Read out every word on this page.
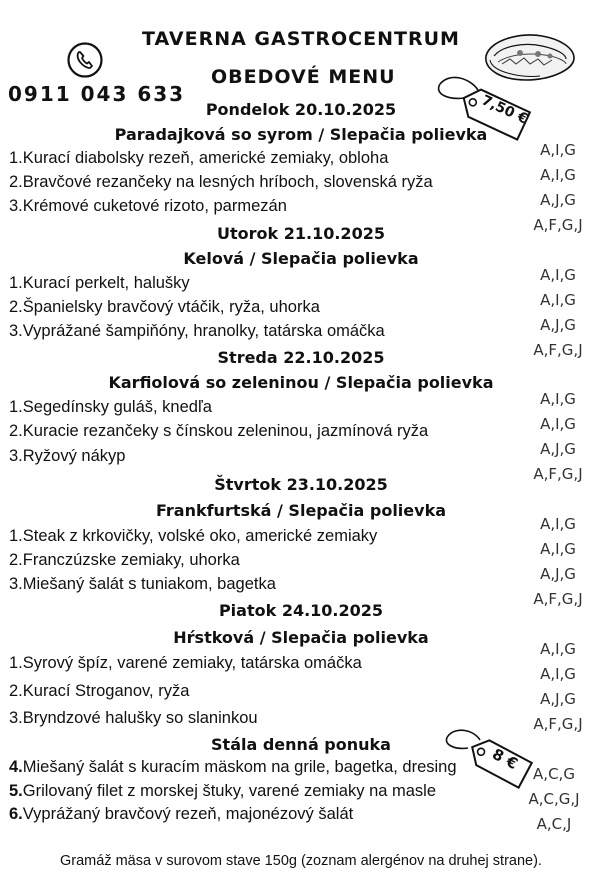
TAVERNA GASTROCENTRUM
OBEDOVÉ MENU
0911 043 633	7,50 €
Pondelok 20.10.2025
Paradajková so syrom / Slepačia polievka
1.Kurací diabolsky rezeň, americké zemiaky, obloha
2.Bravčové rezančeky na lesných hríboch, slovenská ryža
3.Krémové cuketové rizoto, parmezán
A,I,G
A,I,G
A,J,G
A,F,G,J
Utorok 21.10.2025
Kelová / Slepačia polievka
1.Kurací perkelt, halušky
2.Španielsky bravčový vtáčik, ryža, uhorka
3.Vyprážané šampiňóny, hranolky, tatárska omáčka
A,I,G
A,I,G
A,J,G
A,F,G,J
Streda 22.10.2025
Karfiolová so zeleninou / Slepačia polievka
1.Segedínsky guláš, knedľa
2.Kuracie rezančeky s čínskou zeleninou, jazmínová ryža
3.Ryžový nákyp
A,I,G
A,I,G
A,J,G
A,F,G,J
Štvrtok 23.10.2025
Frankfurtská / Slepačia polievka
1.Steak z krkovičky, volské oko, americké zemiaky
2.Franczúzske zemiaky, uhorka
3.Miešaný šalát s tuniakom, bagetka
A,I,G
A,I,G
A,J,G
A,F,G,J
Piatok 24.10.2025
Hŕstková / Slepačia polievka
1.Syrový špíz, varené zemiaky, tatárska omáčka
2.Kurací Stroganov, ryža
3.Bryndzové halušky so slaninkou
A,I,G
A,I,G
A,J,G
A,F,G,J
Stála denná ponuka
8 €
4.Miešaný šalát s kuracím mäskom na grile, bagetka, dresing
5.Grilovaný filet z morskej štuky, varené zemiaky na masle
6.Vyprážaný bravčový rezeň, majonézový šalát
A,C,G
A,C,G,J
A,C,J
Gramáž mäsa v surovom stave 150g (zoznam alergénov na druhej strane).
